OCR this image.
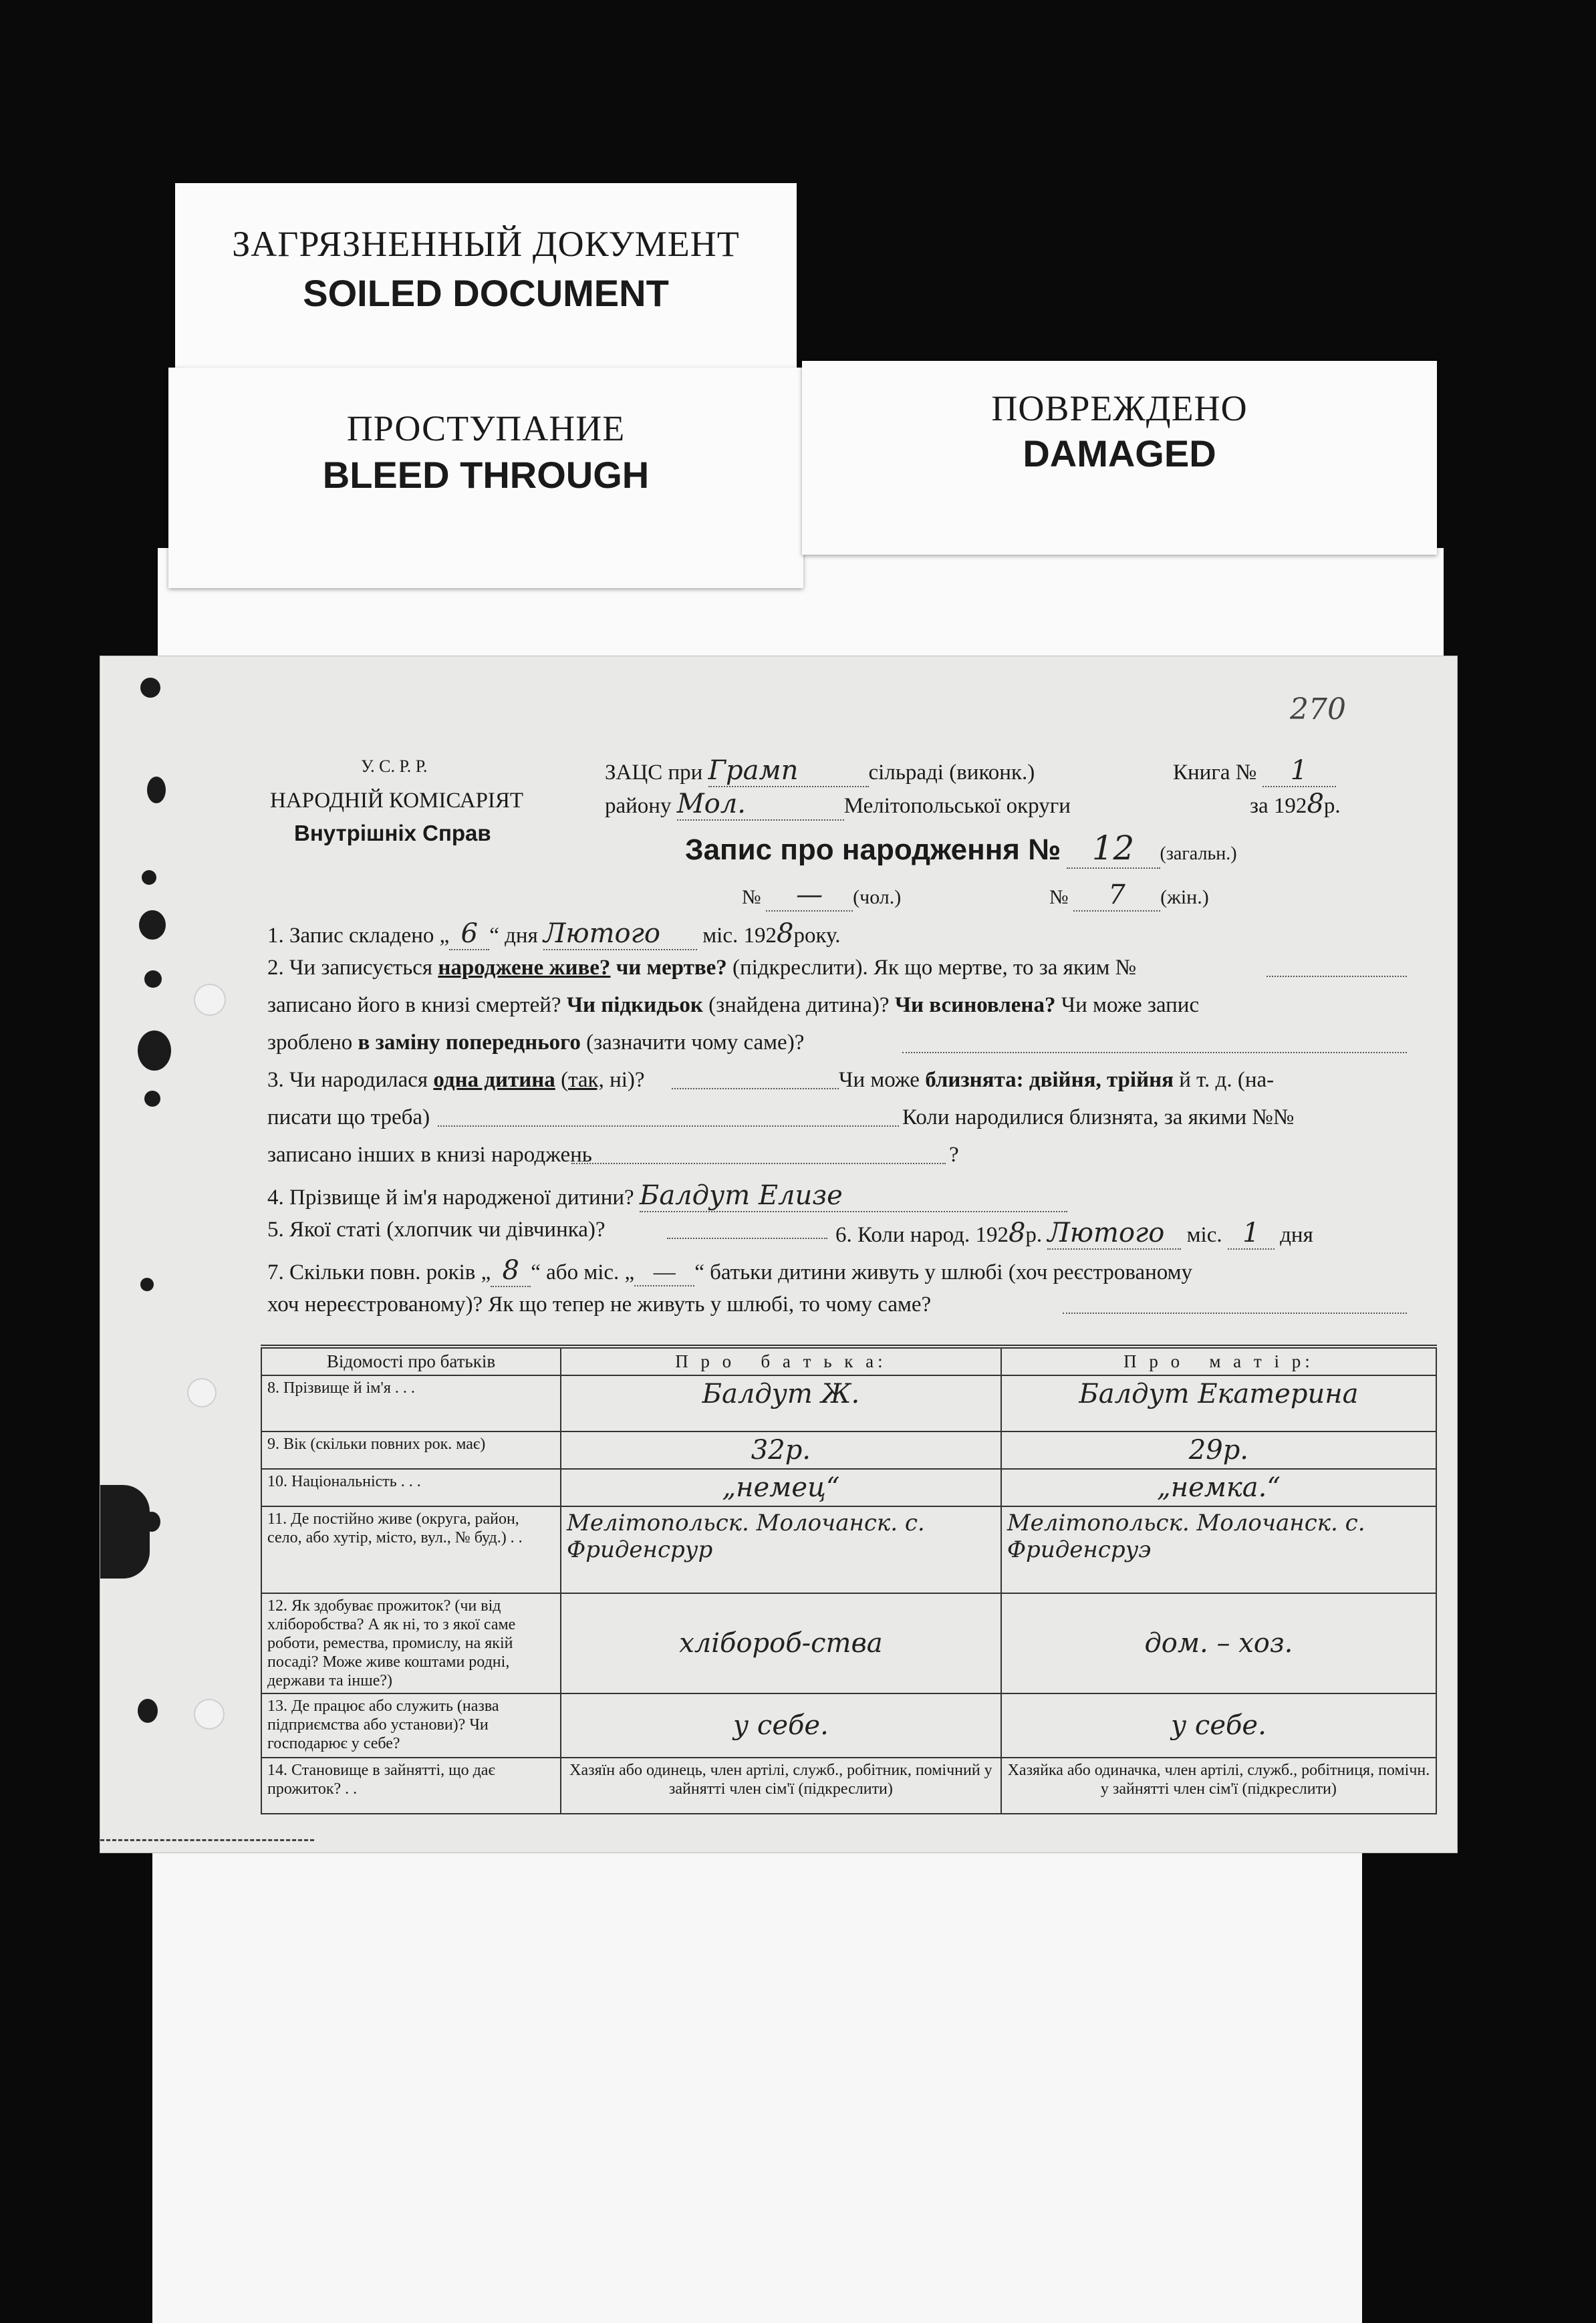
ЗАГРЯЗНЕННЫЙ ДОКУМЕНТ
SOILED DOCUMENT
ПРОСТУПАНИЕ
BLEED THROUGH
ПОВРЕЖДЕНО
DAMAGED
270
У. С. Р. Р.
НАРОДНІЙ КОМІСАРІЯТ
Внутрішніх Справ
ЗАЦС при Грамп	сільраді (виконк.)	Книга № 1
району Мол.	Мелітопольської округи	за 1928р.
Запис про народження № 12 (загальн.)
№ — (чол.)	№ 7 (жін.)
1. Запис складено „ 6 “ дня Лютого міс. 1928року.
2. Чи записується народжене живе? чи мертве? (підкреслити). Як що мертве, то за яким №
записано його в книзі смертей? Чи підкидьок (знайдена дитина)? Чи всиновлена? Чи може запис
зроблено в заміну попереднього (зазначити чому саме)?
3. Чи народилася одна дитина (так, ні)?	Чи може близнята: двійня, трійня й т. д. (на-
писати що треба)	Коли народилися близнята, за якими №№
записано інших в книзі народжень	?
4. Прізвище й ім'я народженої дитини? Балдут Елизе
5. Якої статі (хлопчик чи дівчинка)?	6. Коли народ. 1928р. Лютого міс. 1 дня
7. Скільки повн. років „ 8 “ або міс. „ — “ батьки дитини живуть у шлюбі (хоч реєстрованому
хоч нереєстрованому)? Як що тепер не живуть у шлюбі, то чому саме?
Відомості про батьків	П р о   б а т ь к а:	П р о   м а т і р:
8. Прізвище й ім'я . . .	Балдут Ж.	Балдут Екатерина
9. Вік (скільки повних рок. має)	32р.	29р.
10. Національність . . .	„немец“	„немка.“
11. Де постійно живе (округа, район, село, або хутір, місто, вул., № буд.) . .	Мелітопольск. Молочанск. с. Фриденсрур	Мелітопольск. Молочанск. с. Фриденсруэ
12. Як здобуває прожиток? (чи від хліборобства? А як ні, то з якої саме роботи, ремества, промислу, на якій посаді? Може живе коштами родні, держави та інше?)	хлібороб‑ства	дом. – хоз.
13. Де працює або служить (назва підприємства або установи)? Чи господарює у себе?	у себе.	у себе.
14. Становище в зайнятті, що дає прожиток? . .	Хазяїн або одинець, член артілі, служб., робітник, помічний у зайнятті член сім'ї (підкреслити)	Хазяйка або одиначка, член артілі, служб., робітниця, помічн. у зайнятті член сім'ї (підкреслити)
